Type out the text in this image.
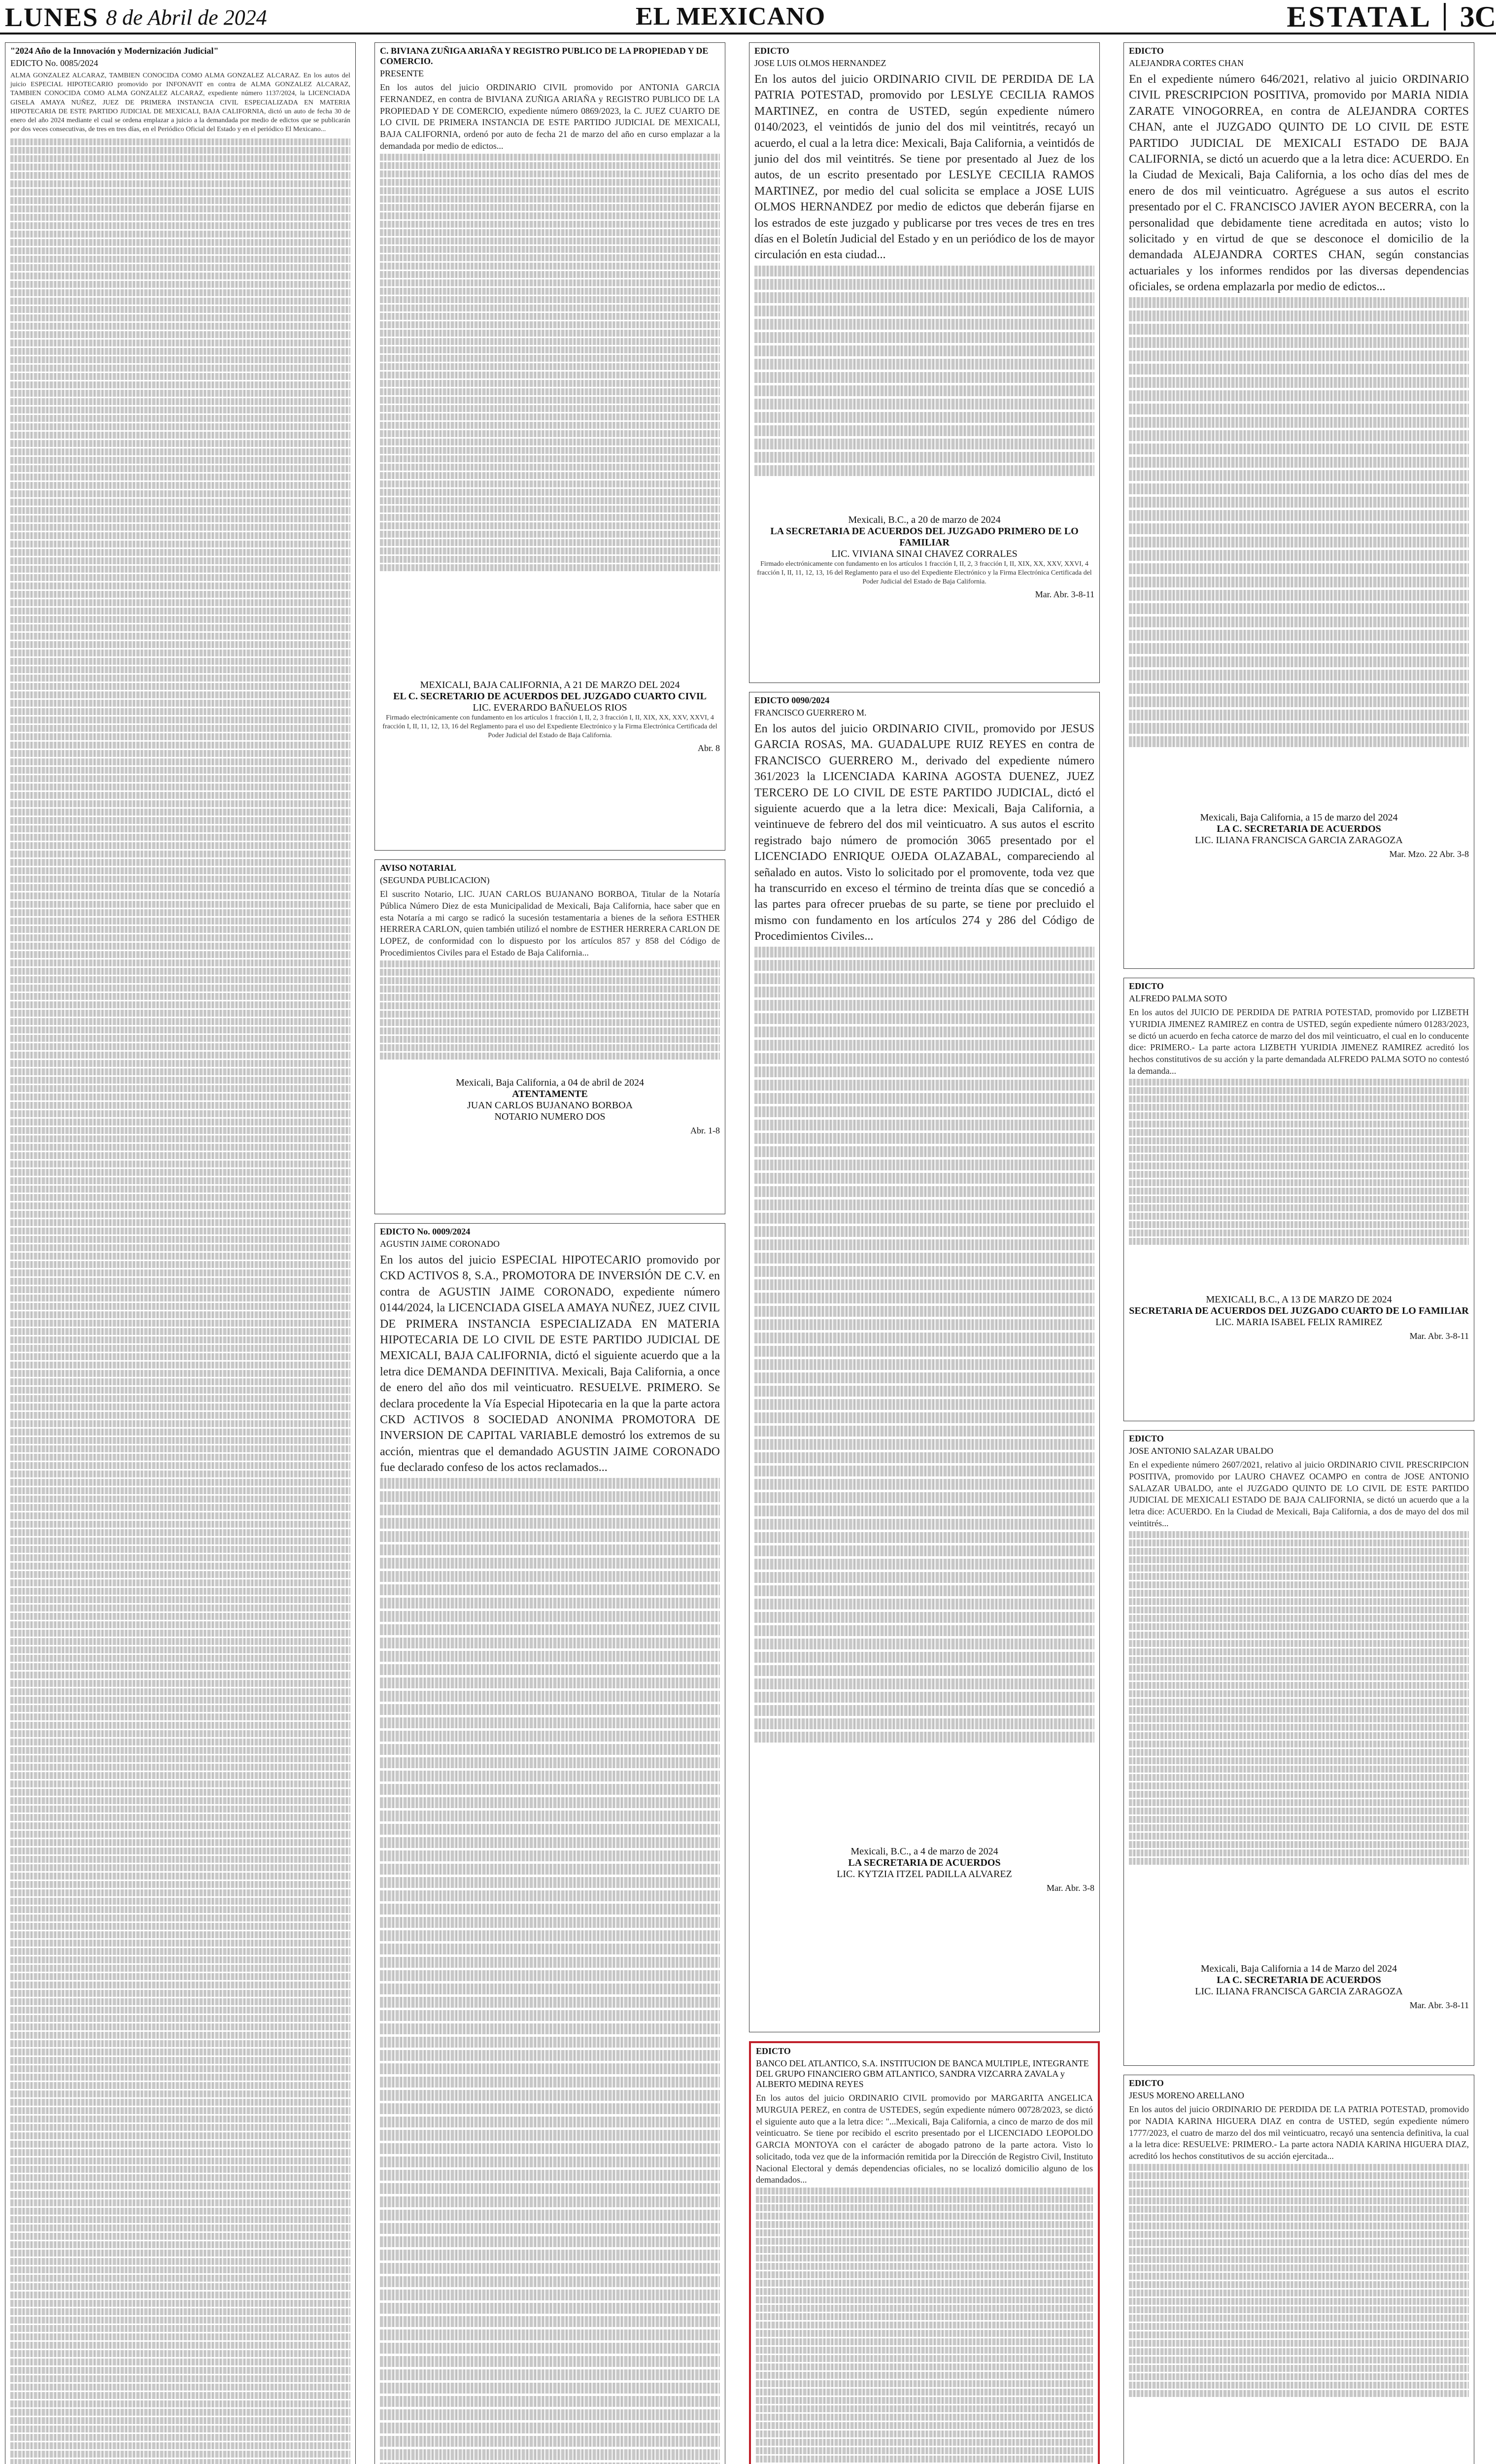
LUNES 8 de Abril de 2024	EL MEXICANO	ESTATAL 3C
"2024 Año de la Innovación y Modernización Judicial"
EDICTO No. 0085/2024
ALMA GONZALEZ ALCARAZ, TAMBIEN CONOCIDA COMO ALMA GONZALEZ ALCARAZ. En los autos del juicio ESPECIAL HIPOTECARIO promovido por INFONAVIT en contra de ALMA GONZALEZ ALCARAZ, TAMBIEN CONOCIDA COMO ALMA GONZALEZ ALCARAZ, expediente número 1137/2024, la LICENCIADA GISELA AMAYA NUÑEZ, JUEZ DE PRIMERA INSTANCIA CIVIL ESPECIALIZADA EN MATERIA HIPOTECARIA DE ESTE PARTIDO JUDICIAL DE MEXICALI, BAJA CALIFORNIA, dictó un auto de fecha 30 de enero del año 2024 mediante el cual se ordena emplazar a juicio a la demandada por medio de edictos que se publicarán por dos veces consecutivas, de tres en tres días, en el Periódico Oficial del Estado y en el periódico El Mexicano...
C. BIVIANA ZUÑIGA ARIAÑA Y REGISTRO PUBLICO DE LA PROPIEDAD Y DE COMERCIO.
PRESENTE
En los autos del juicio ORDINARIO CIVIL promovido por ANTONIA GARCIA FERNANDEZ, en contra de BIVIANA ZUÑIGA ARIAÑA y REGISTRO PUBLICO DE LA PROPIEDAD Y DE COMERCIO, expediente número 0869/2023, la C. JUEZ CUARTO DE LO CIVIL DE PRIMERA INSTANCIA DE ESTE PARTIDO JUDICIAL DE MEXICALI, BAJA CALIFORNIA, ordenó por auto de fecha 21 de marzo del año en curso emplazar a la demandada por medio de edictos...
MEXICALI, BAJA CALIFORNIA, A 21 DE MARZO DEL 2024
EL C. SECRETARIO DE ACUERDOS DEL JUZGADO CUARTO CIVIL
LIC. EVERARDO BAÑUELOS RIOS
Firmado electrónicamente con fundamento en los artículos 1 fracción I, II, 2, 3 fracción I, II, XIX, XX, XXV, XXVI, 4 fracción I, II, 11, 12, 13, 16 del Reglamento para el uso del Expediente Electrónico y la Firma Electrónica Certificada del Poder Judicial del Estado de Baja California.
Abr. 8
AVISO NOTARIAL
(SEGUNDA PUBLICACION)
El suscrito Notario, LIC. JUAN CARLOS BUJANANO BORBOA, Titular de la Notaría Pública Número Diez de esta Municipalidad de Mexicali, Baja California, hace saber que en esta Notaría a mi cargo se radicó la sucesión testamentaria a bienes de la señora ESTHER HERRERA CARLON, quien también utilizó el nombre de ESTHER HERRERA CARLON DE LOPEZ, de conformidad con lo dispuesto por los artículos 857 y 858 del Código de Procedimientos Civiles para el Estado de Baja California...
Mexicali, Baja California, a 04 de abril de 2024
ATENTAMENTE
JUAN CARLOS BUJANANO BORBOA
NOTARIO NUMERO DOS
Abr. 1-8
EDICTO No. 0009/2024
AGUSTIN JAIME CORONADO
En los autos del juicio ESPECIAL HIPOTECARIO promovido por CKD ACTIVOS 8, S.A., PROMOTORA DE INVERSIÓN DE C.V. en contra de AGUSTIN JAIME CORONADO, expediente número 0144/2024, la LICENCIADA GISELA AMAYA NUÑEZ, JUEZ CIVIL DE PRIMERA INSTANCIA ESPECIALIZADA EN MATERIA HIPOTECARIA DE LO CIVIL DE ESTE PARTIDO JUDICIAL DE MEXICALI, BAJA CALIFORNIA, dictó el siguiente acuerdo que a la letra dice DEMANDA DEFINITIVA. Mexicali, Baja California, a once de enero del año dos mil veinticuatro. RESUELVE. PRIMERO. Se declara procedente la Vía Especial Hipotecaria en la que la parte actora CKD ACTIVOS 8 SOCIEDAD ANONIMA PROMOTORA DE INVERSION DE CAPITAL VARIABLE demostró los extremos de su acción, mientras que el demandado AGUSTIN JAIME CORONADO fue declarado confeso de los actos reclamados...
EDICTO
JOSE LUIS OLMOS HERNANDEZ
En los autos del juicio ORDINARIO CIVIL DE PERDIDA DE LA PATRIA POTESTAD, promovido por LESLYE CECILIA RAMOS MARTINEZ, en contra de USTED, según expediente número 0140/2023, el veintidós de junio del dos mil veintitrés, recayó un acuerdo, el cual a la letra dice: Mexicali, Baja California, a veintidós de junio del dos mil veintitrés. Se tiene por presentado al Juez de los autos, de un escrito presentado por LESLYE CECILIA RAMOS MARTINEZ, por medio del cual solicita se emplace a JOSE LUIS OLMOS HERNANDEZ por medio de edictos que deberán fijarse en los estrados de este juzgado y publicarse por tres veces de tres en tres días en el Boletín Judicial del Estado y en un periódico de los de mayor circulación en esta ciudad...
Mexicali, B.C., a 20 de marzo de 2024
LA SECRETARIA DE ACUERDOS DEL JUZGADO PRIMERO DE LO FAMILIAR
LIC. VIVIANA SINAI CHAVEZ CORRALES
Firmado electrónicamente con fundamento en los artículos 1 fracción I, II, 2, 3 fracción I, II, XIX, XX, XXV, XXVI, 4 fracción I, II, 11, 12, 13, 16 del Reglamento para el uso del Expediente Electrónico y la Firma Electrónica Certificada del Poder Judicial del Estado de Baja California.
Mar. Abr. 3-8-11
EDICTO 0090/2024
FRANCISCO GUERRERO M.
En los autos del juicio ORDINARIO CIVIL, promovido por JESUS GARCIA ROSAS, MA. GUADALUPE RUIZ REYES en contra de FRANCISCO GUERRERO M., derivado del expediente número 361/2023 la LICENCIADA KARINA AGOSTA DUENEZ, JUEZ TERCERO DE LO CIVIL DE ESTE PARTIDO JUDICIAL, dictó el siguiente acuerdo que a la letra dice: Mexicali, Baja California, a veintinueve de febrero del dos mil veinticuatro. A sus autos el escrito registrado bajo número de promoción 3065 presentado por el LICENCIADO ENRIQUE OJEDA OLAZABAL, compareciendo al señalado en autos. Visto lo solicitado por el promovente, toda vez que ha transcurrido en exceso el término de treinta días que se concedió a las partes para ofrecer pruebas de su parte, se tiene por precluido el mismo con fundamento en los artículos 274 y 286 del Código de Procedimientos Civiles...
Mexicali, B.C., a 4 de marzo de 2024
LA SECRETARIA DE ACUERDOS
LIC. KYTZIA ITZEL PADILLA ALVAREZ
Mar. Abr. 3-8
EDICTO
BANCO DEL ATLANTICO, S.A. INSTITUCION DE BANCA MULTIPLE, INTEGRANTE DEL GRUPO FINANCIERO GBM ATLANTICO, SANDRA VIZCARRA ZAVALA y ALBERTO MEDINA REYES
En los autos del juicio ORDINARIO CIVIL promovido por MARGARITA ANGELICA MURGUIA PEREZ, en contra de USTEDES, según expediente número 00728/2023, se dictó el siguiente auto que a la letra dice: "...Mexicali, Baja California, a cinco de marzo de dos mil veinticuatro. Se tiene por recibido el escrito presentado por el LICENCIADO LEOPOLDO GARCIA MONTOYA con el carácter de abogado patrono de la parte actora. Visto lo solicitado, toda vez que de la información remitida por la Dirección de Registro Civil, Instituto Nacional Electoral y demás dependencias oficiales, no se localizó domicilio alguno de los demandados...
EDICTO
ALEJANDRA CORTES CHAN
En el expediente número 646/2021, relativo al juicio ORDINARIO CIVIL PRESCRIPCION POSITIVA, promovido por MARIA NIDIA ZARATE VINOGORREA, en contra de ALEJANDRA CORTES CHAN, ante el JUZGADO QUINTO DE LO CIVIL DE ESTE PARTIDO JUDICIAL DE MEXICALI ESTADO DE BAJA CALIFORNIA, se dictó un acuerdo que a la letra dice: ACUERDO. En la Ciudad de Mexicali, Baja California, a los ocho días del mes de enero de dos mil veinticuatro. Agréguese a sus autos el escrito presentado por el C. FRANCISCO JAVIER AYON BECERRA, con la personalidad que debidamente tiene acreditada en autos; visto lo solicitado y en virtud de que se desconoce el domicilio de la demandada ALEJANDRA CORTES CHAN, según constancias actuariales y los informes rendidos por las diversas dependencias oficiales, se ordena emplazarla por medio de edictos...
Mexicali, Baja California, a 15 de marzo del 2024
LA C. SECRETARIA DE ACUERDOS
LIC. ILIANA FRANCISCA GARCIA ZARAGOZA
Mar. Mzo. 22 Abr. 3-8
EDICTO
ALFREDO PALMA SOTO
En los autos del JUICIO DE PERDIDA DE PATRIA POTESTAD, promovido por LIZBETH YURIDIA JIMENEZ RAMIREZ en contra de USTED, según expediente número 01283/2023, se dictó un acuerdo en fecha catorce de marzo del dos mil veinticuatro, el cual en lo conducente dice: PRIMERO.- La parte actora LIZBETH YURIDIA JIMENEZ RAMIREZ acreditó los hechos constitutivos de su acción y la parte demandada ALFREDO PALMA SOTO no contestó la demanda...
MEXICALI, B.C., A 13 DE MARZO DE 2024
SECRETARIA DE ACUERDOS DEL JUZGADO CUARTO DE LO FAMILIAR
LIC. MARIA ISABEL FELIX RAMIREZ
Mar. Abr. 3-8-11
EDICTO
JOSE ANTONIO SALAZAR UBALDO
En el expediente número 2607/2021, relativo al juicio ORDINARIO CIVIL PRESCRIPCION POSITIVA, promovido por LAURO CHAVEZ OCAMPO en contra de JOSE ANTONIO SALAZAR UBALDO, ante el JUZGADO QUINTO DE LO CIVIL DE ESTE PARTIDO JUDICIAL DE MEXICALI ESTADO DE BAJA CALIFORNIA, se dictó un acuerdo que a la letra dice: ACUERDO. En la Ciudad de Mexicali, Baja California, a dos de mayo del dos mil veintitrés...
Mexicali, Baja California a 14 de Marzo del 2024
LA C. SECRETARIA DE ACUERDOS
LIC. ILIANA FRANCISCA GARCIA ZARAGOZA
Mar. Abr. 3-8-11
EDICTO
JESUS MORENO ARELLANO
En los autos del juicio ORDINARIO DE PERDIDA DE LA PATRIA POTESTAD, promovido por NADIA KARINA HIGUERA DIAZ en contra de USTED, según expediente número 1777/2023, el cuatro de marzo del dos mil veinticuatro, recayó una sentencia definitiva, la cual a la letra dice: RESUELVE: PRIMERO.- La parte actora NADIA KARINA HIGUERA DIAZ, acreditó los hechos constitutivos de su acción ejercitada...
